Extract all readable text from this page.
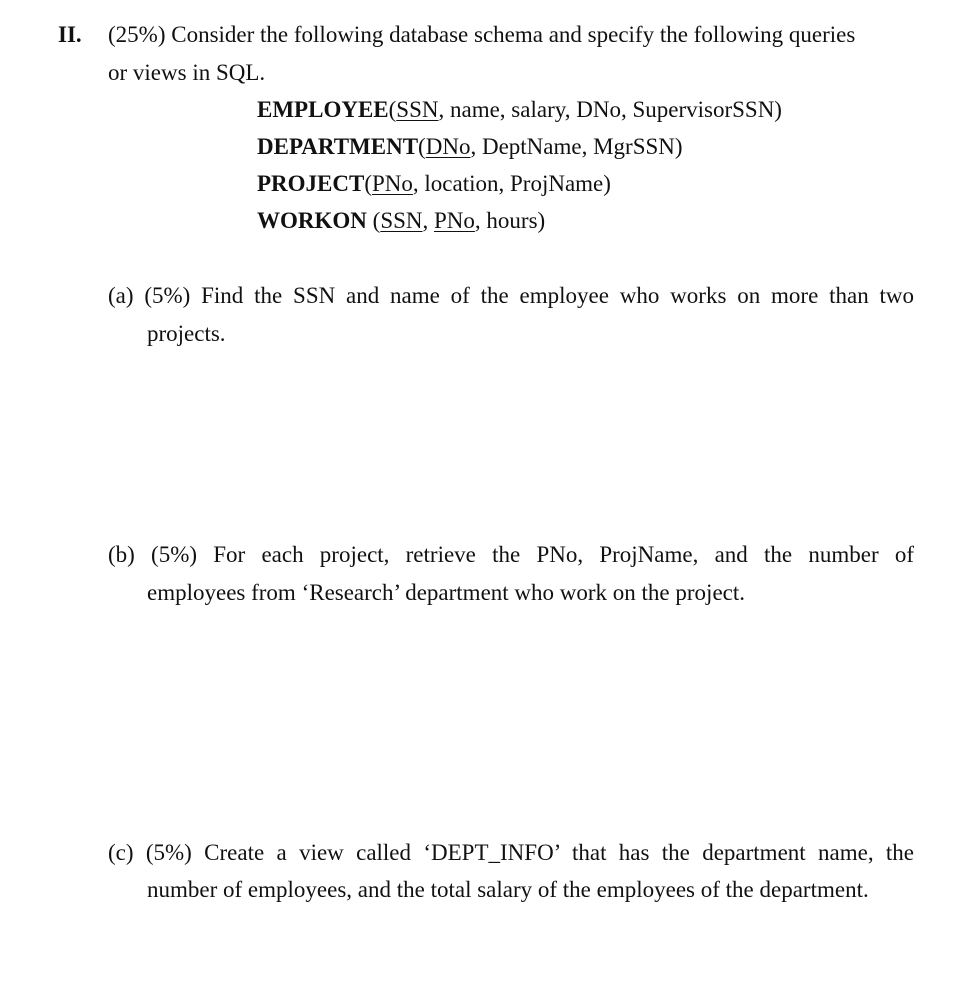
II. (25%) Consider the following database schema and specify the following queries
or views in SQL.
EMPLOYEE(SSN, name, salary, DNo, SupervisorSSN)
DEPARTMENT(DNo, DeptName, MgrSSN)
PROJECT(PNo, location, ProjName)
WORKON (SSN, PNo, hours)
(a) (5%) Find the SSN and name of the employee who works on more than two
projects.
(b) (5%) For each project, retrieve the PNo, ProjName, and the number of
employees from ‘Research’ department who work on the project.
(c) (5%) Create a view called ‘DEPT_INFO’ that has the department name, the
number of employees, and the total salary of the employees of the department.
